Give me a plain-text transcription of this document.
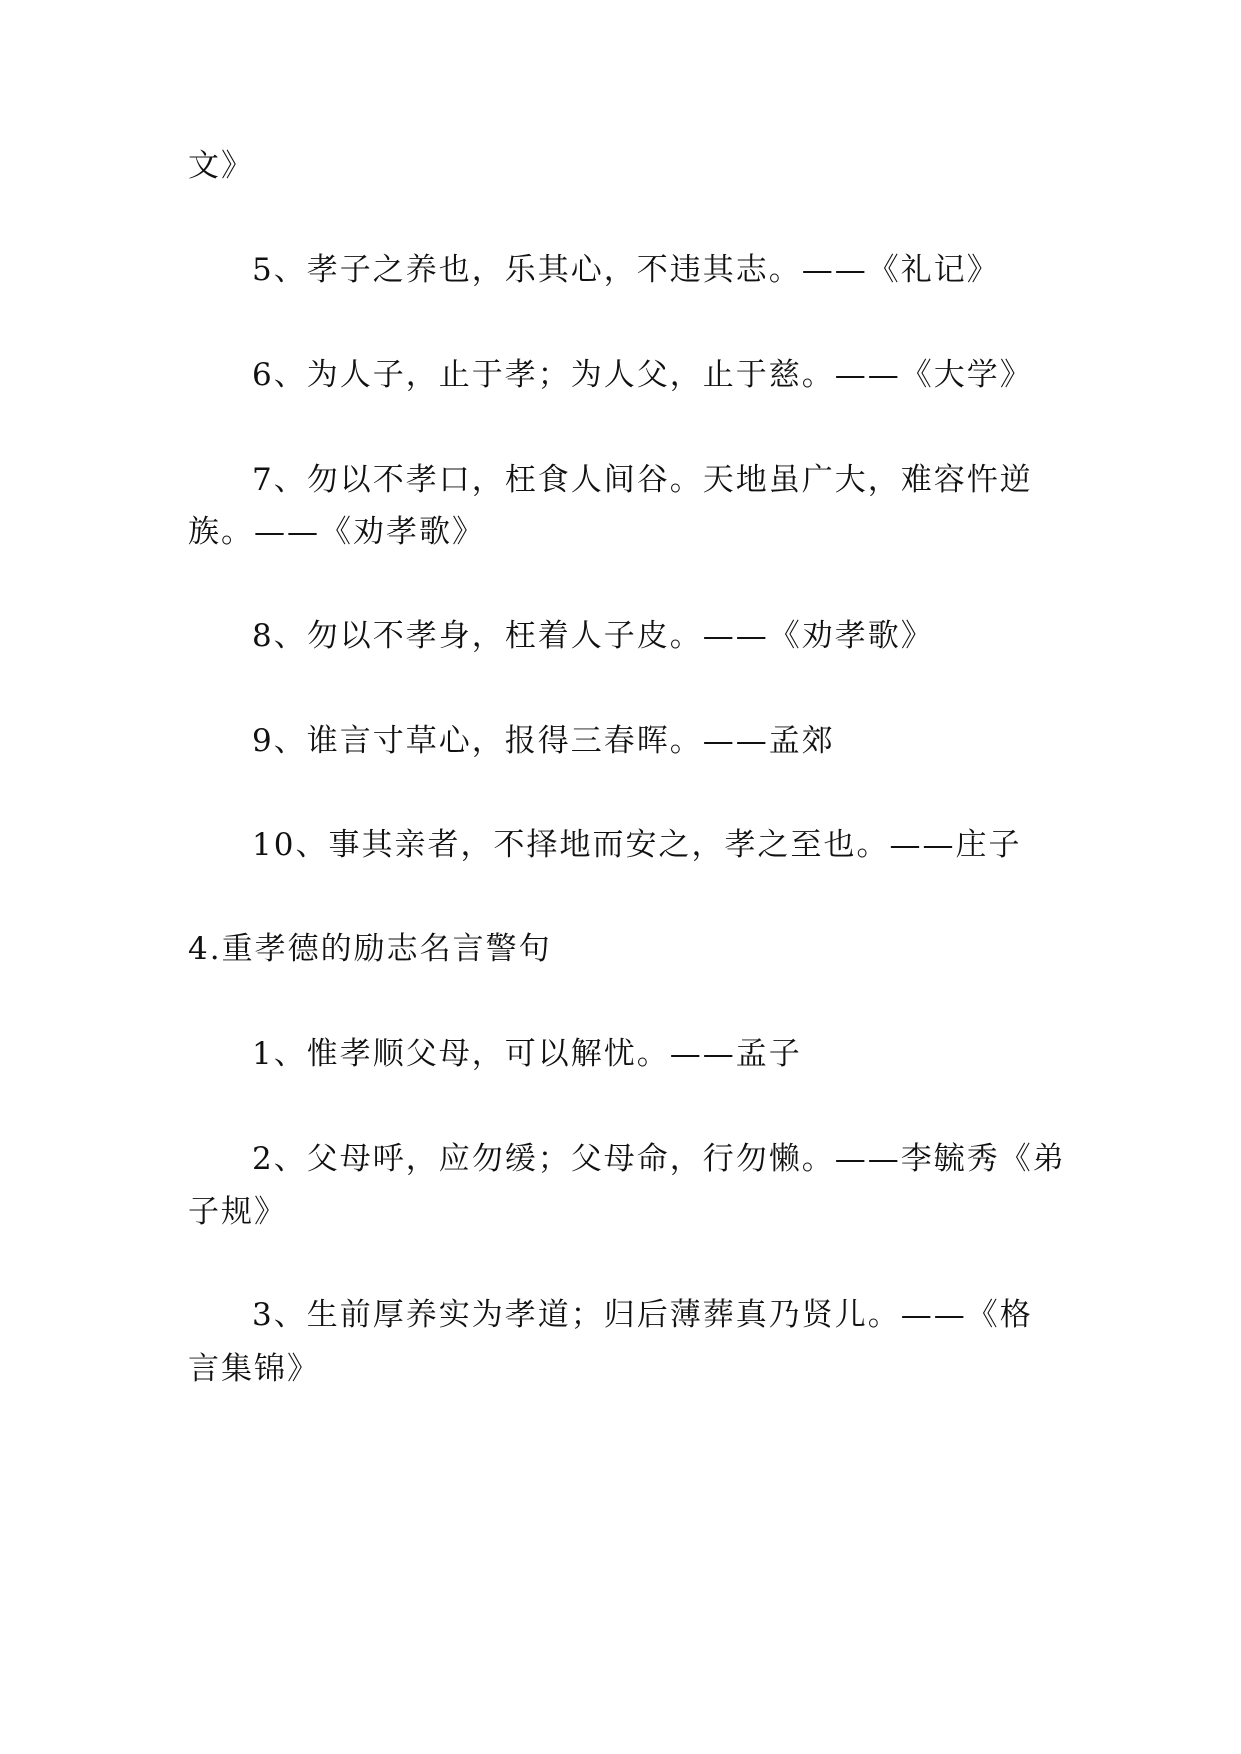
文》
5、孝子之养也，乐其心，不违其志。——《礼记》
6、为人子，止于孝；为人父，止于慈。——《大学》
7、勿以不孝口，枉食人间谷。天地虽广大，难容忤逆
族。——《劝孝歌》
8、勿以不孝身，枉着人子皮。——《劝孝歌》
9、谁言寸草心，报得三春晖。——孟郊
10、事其亲者，不择地而安之，孝之至也。——庄子
4.重孝德的励志名言警句
1、惟孝顺父母，可以解忧。——孟子
2、父母呼，应勿缓；父母命，行勿懒。——李毓秀《弟
子规》
3、生前厚养实为孝道；归后薄葬真乃贤儿。——《格
言集锦》
